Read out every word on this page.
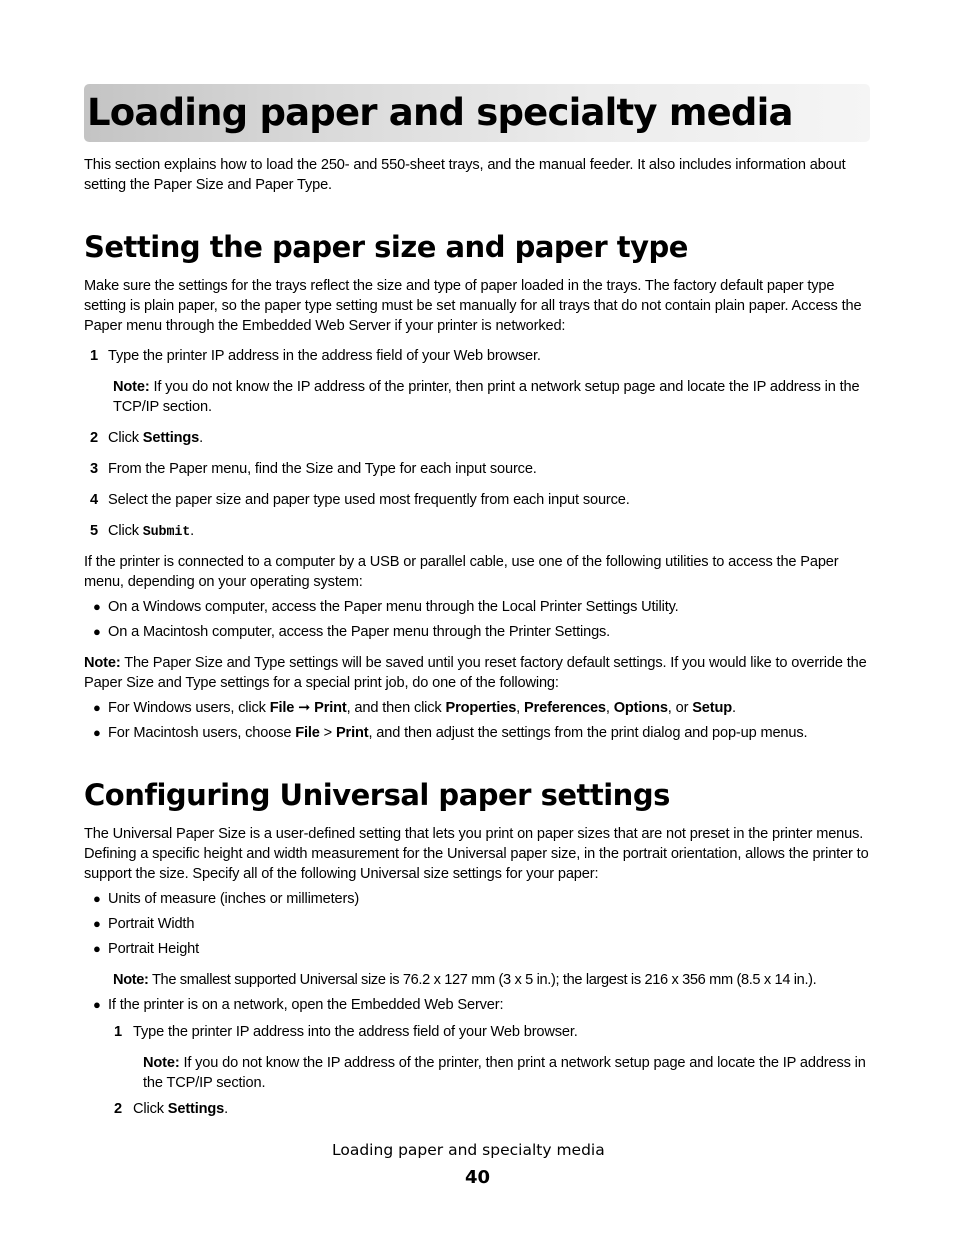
Loading paper and specialty media

This section explains how to load the 250- and 550-sheet trays, and the manual feeder. It also includes information about setting the Paper Size and Paper Type.

Setting the paper size and paper type

Make sure the settings for the trays reflect the size and type of paper loaded in the trays. The factory default paper type setting is plain paper, so the paper type setting must be set manually for all trays that do not contain plain paper. Access the Paper menu through the Embedded Web Server if your printer is networked:

1 Type the printer IP address in the address field of your Web browser.

Note: If you do not know the IP address of the printer, then print a network setup page and locate the IP address in the TCP/IP section.

2 Click Settings.

3 From the Paper menu, find the Size and Type for each input source.

4 Select the paper size and paper type used most frequently from each input source.

5 Click Submit.

If the printer is connected to a computer by a USB or parallel cable, use one of the following utilities to access the Paper menu, depending on your operating system:

● On a Windows computer, access the Paper menu through the Local Printer Settings Utility.

● On a Macintosh computer, access the Paper menu through the Printer Settings.

Note: The Paper Size and Type settings will be saved until you reset factory default settings. If you would like to override the Paper Size and Type settings for a special print job, do one of the following:

● For Windows users, click File ➞ Print, and then click Properties, Preferences, Options, or Setup.

● For Macintosh users, choose File > Print, and then adjust the settings from the print dialog and pop-up menus.

Configuring Universal paper settings

The Universal Paper Size is a user-defined setting that lets you print on paper sizes that are not preset in the printer menus. Defining a specific height and width measurement for the Universal paper size, in the portrait orientation, allows the printer to support the size. Specify all of the following Universal size settings for your paper:

● Units of measure (inches or millimeters)

● Portrait Width

● Portrait Height

Note: The smallest supported Universal size is 76.2 x 127 mm (3 x 5 in.); the largest is 216 x 356 mm (8.5 x 14 in.).

● If the printer is on a network, open the Embedded Web Server:

1 Type the printer IP address into the address field of your Web browser.

Note: If you do not know the IP address of the printer, then print a network setup page and locate the IP address in the TCP/IP section.

2 Click Settings.

Loading paper and specialty media

40
